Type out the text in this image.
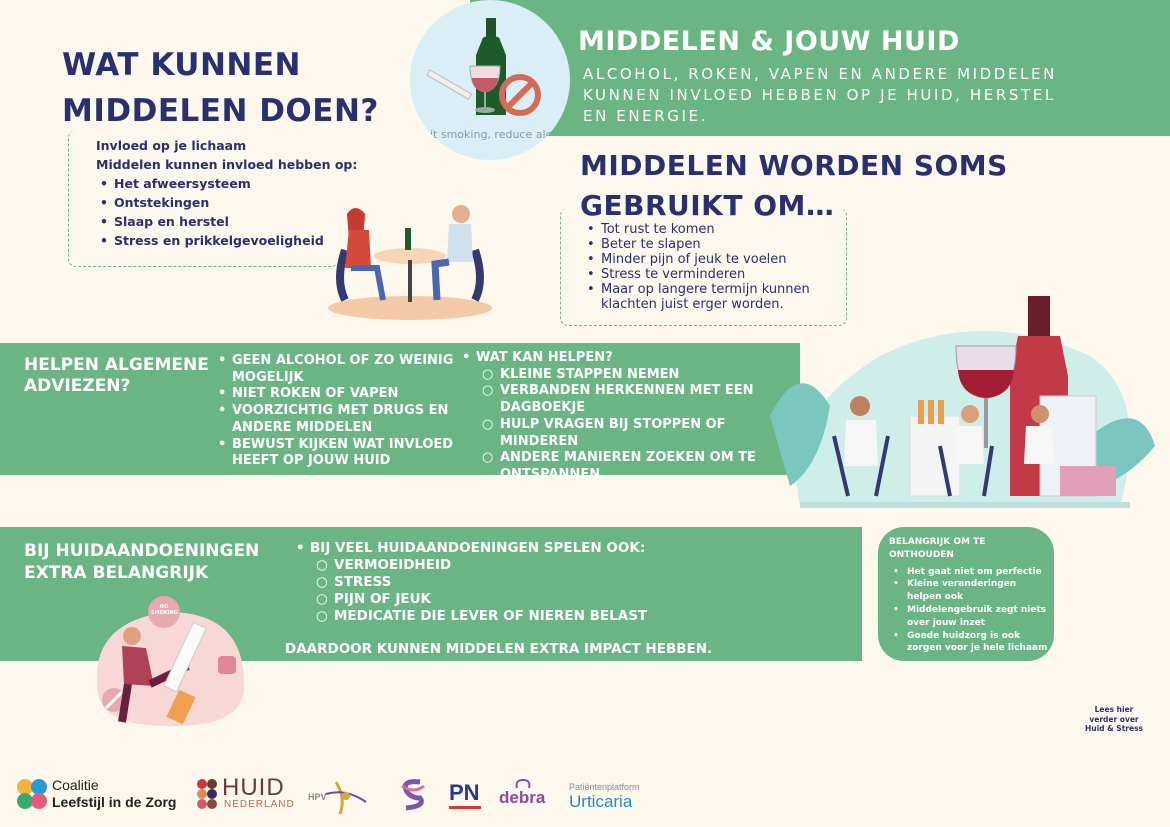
it smoking, reduce alco
MIDDELEN & JOUW HUID
ALCOHOL, ROKEN, VAPEN EN ANDERE MIDDELEN KUNNEN INVLOED HEBBEN OP JE HUID, HERSTEL EN ENERGIE.
WAT KUNNEN
MIDDELEN DOEN?
Invloed op je lichaam
Middelen kunnen invloed hebben op:
• Het afweersysteem
• Ontstekingen
• Slaap en herstel
• Stress en prikkelgevoeligheid
MIDDELEN WORDEN SOMS
GEBRUIKT OM…
• Tot rust te komen
• Beter te slapen
• Minder pijn of jeuk te voelen
• Stress te verminderen
• Maar op langere termijn kunnen klachten juist erger worden.
HELPEN ALGEMENE ADVIEZEN?
• GEEN ALCOHOL OF ZO WEINIG MOGELIJK
• NIET ROKEN OF VAPEN
• VOORZICHTIG MET DRUGS EN ANDERE MIDDELEN
• BEWUST KIJKEN WAT INVLOED HEEFT OP JOUW HUID
• WAT KAN HELPEN?
○ KLEINE STAPPEN NEMEN
○ VERBANDEN HERKENNEN MET EEN DAGBOEKJE
○ HULP VRAGEN BIJ STOPPEN OF MINDEREN
○ ANDERE MANIEREN ZOEKEN OM TE ONTSPANNEN
BIJ HUIDAANDOENINGEN EXTRA BELANGRIJK
• BIJ VEEL HUIDAANDOENINGEN SPELEN OOK:
○ VERMOEIDHEID
○ STRESS
○ PIJN OF JEUK
○ MEDICATIE DIE LEVER OF NIEREN BELAST
DAARDOOR KUNNEN MIDDELEN EXTRA IMPACT HEBBEN.
NO SMOKING
BELANGRIJK OM TE ONTHOUDEN
• Het gaat niet om perfectie
• Kleine veranderingen helpen ook
• Middelengebruik zegt niets over jouw inzet
• Goede huidzorg is ook zorgen voor je hele lichaam
Lees hier verder over Huid & Stress
Coalitie
Leefstijl in de Zorg
HUID
NEDERLAND
HPV	PN debra
Patiëntenplatform
Urticaria
